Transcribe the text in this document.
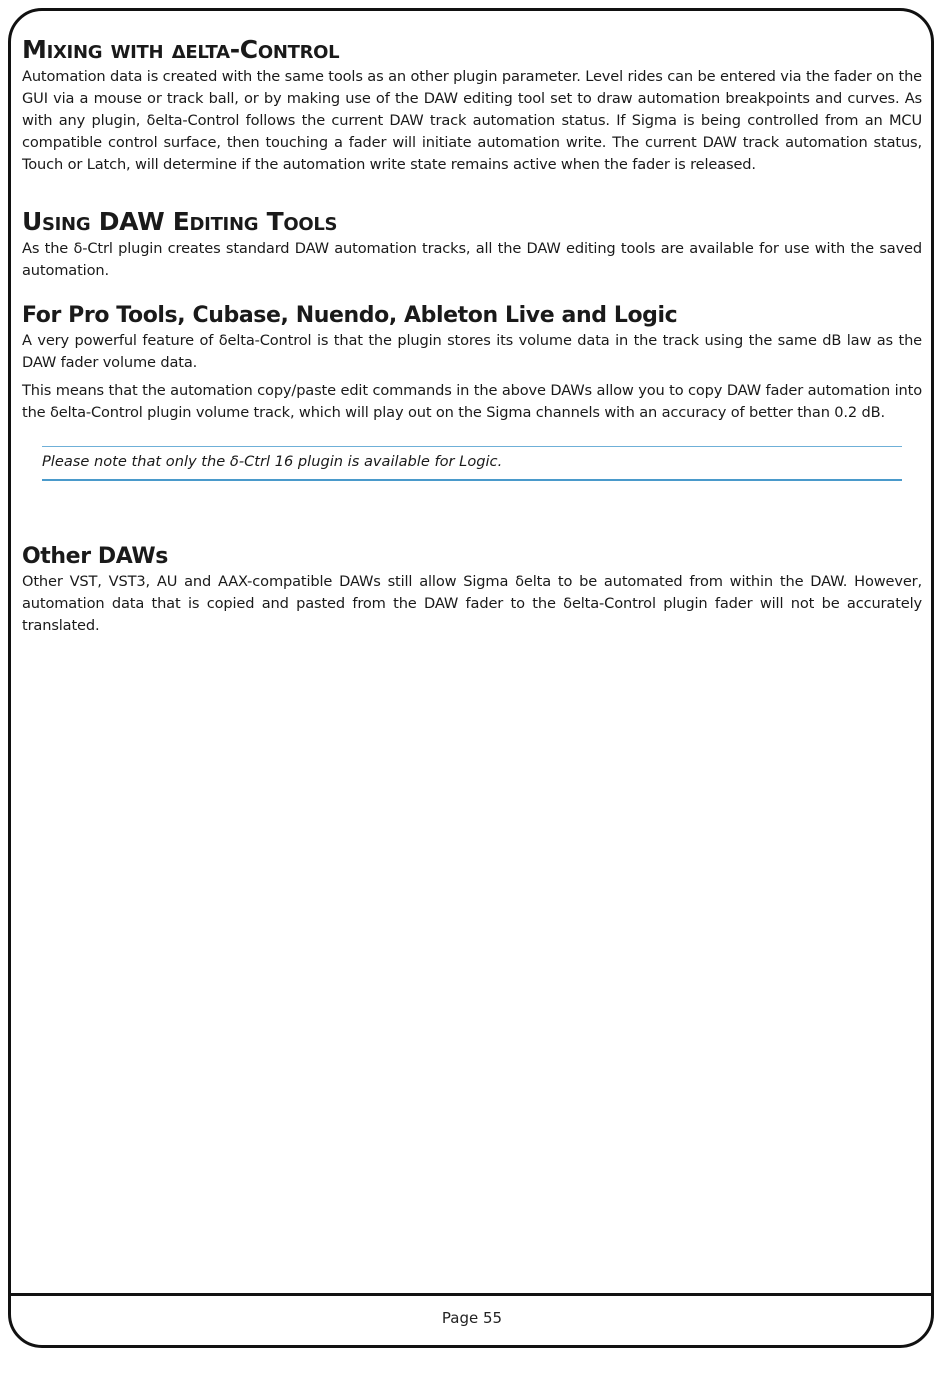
Mixing with δelta-Control

Automation data is created with the same tools as an other plugin parameter. Level rides can be entered via the fader on the GUI via a mouse or track ball, or by making use of the DAW editing tool set to draw automation breakpoints and curves. As with any plugin, δelta-Control follows the current DAW track automation status. If Sigma is being controlled from an MCU compatible control surface, then touching a fader will initiate automation write. The current DAW track automation status, Touch or Latch, will determine if the automation write state remains active when the fader is released.

Using DAW Editing Tools

As the δ-Ctrl plugin creates standard DAW automation tracks, all the DAW editing tools are available for use with the saved automation.

For Pro Tools, Cubase, Nuendo, Ableton Live and Logic

A very powerful feature of δelta-Control is that the plugin stores its volume data in the track using the same dB law as the DAW fader volume data.

This means that the automation copy/paste edit commands in the above DAWs allow you to copy DAW fader automation into the δelta-Control plugin volume track, which will play out on the Sigma channels with an accuracy of better than 0.2 dB.

Please note that only the δ-Ctrl 16 plugin is available for Logic.
Other DAWs

Other VST, VST3, AU and AAX-compatible DAWs still allow Sigma δelta to be automated from within the DAW. However, automation data that is copied and pasted from the DAW fader to the δelta-Control plugin fader will not be accurately translated.

Page 55
